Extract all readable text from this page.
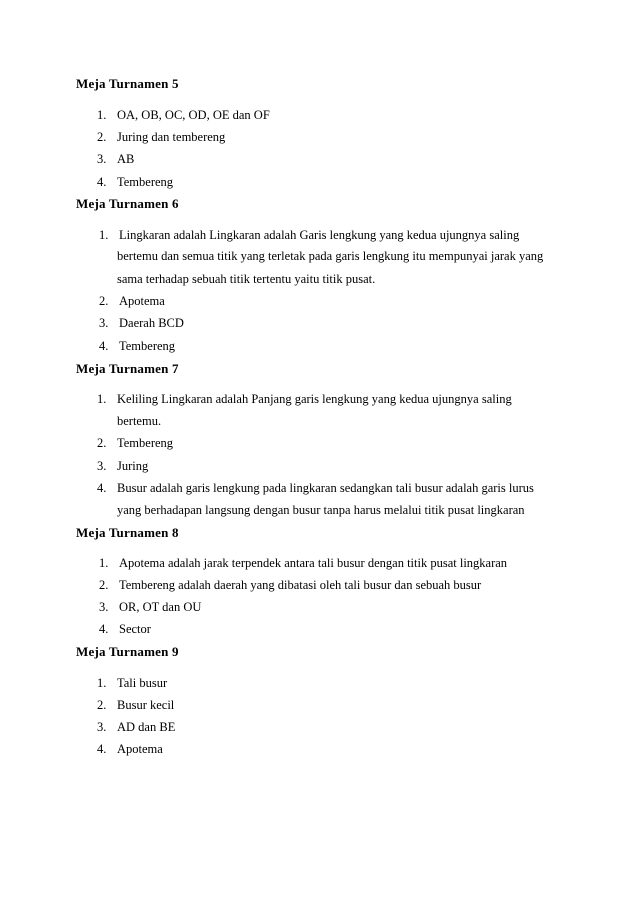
Meja Turnamen 5
1. OA, OB, OC, OD, OE dan OF
2. Juring dan tembereng
3. AB
4. Tembereng
Meja Turnamen 6
1. Lingkaran adalah Lingkaran adalah Garis lengkung yang kedua ujungnya saling
bertemu dan semua titik yang terletak pada garis lengkung itu mempunyai jarak yang
sama terhadap sebuah titik tertentu yaitu titik pusat.
2. Apotema
3. Daerah BCD
4. Tembereng
Meja Turnamen 7
1. Keliling Lingkaran adalah Panjang garis lengkung yang kedua ujungnya saling
bertemu.
2. Tembereng
3. Juring
4. Busur adalah garis lengkung pada lingkaran sedangkan tali busur adalah garis lurus
yang berhadapan langsung dengan busur tanpa harus melalui titik pusat lingkaran
Meja Turnamen 8
1. Apotema adalah jarak terpendek antara tali busur dengan titik pusat lingkaran
2. Tembereng adalah daerah yang dibatasi oleh tali busur dan sebuah busur
3. OR, OT dan OU
4. Sector
Meja Turnamen 9
1. Tali busur
2. Busur kecil
3. AD dan BE
4. Apotema
